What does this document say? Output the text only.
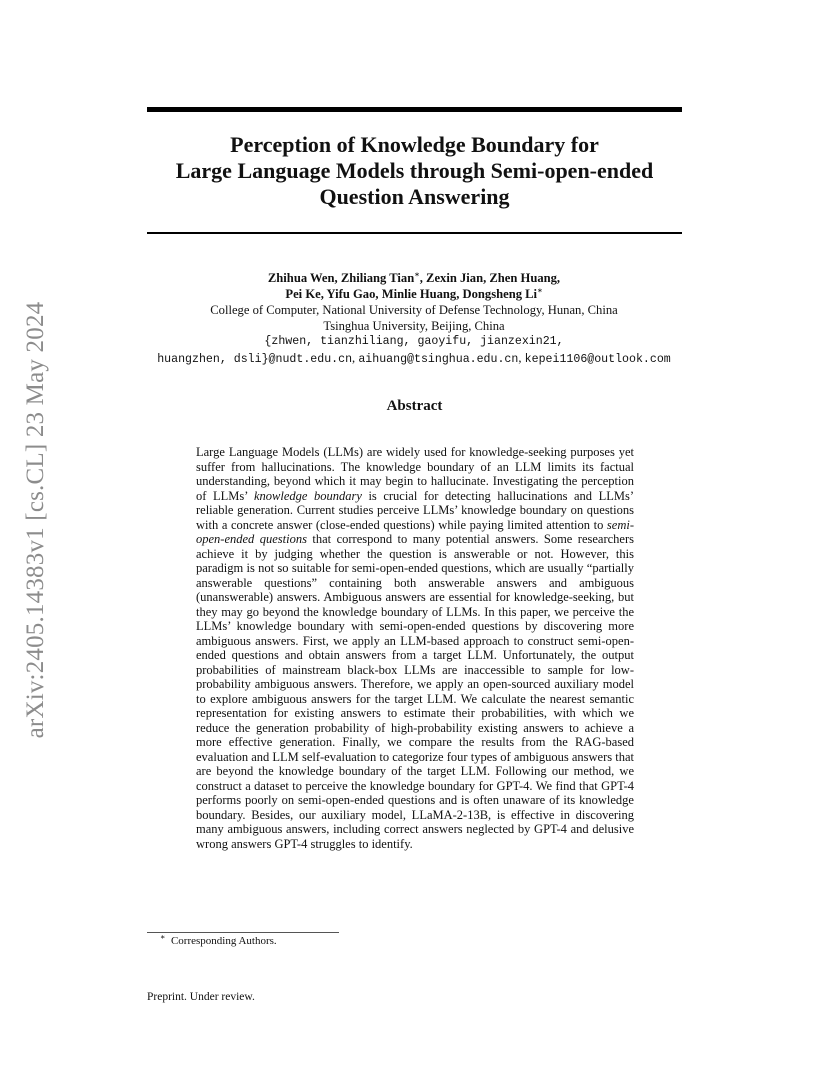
arXiv:2405.14383v1 [cs.CL] 23 May 2024
Perception of Knowledge Boundary for
Large Language Models through Semi-open-ended
Question Answering
Zhihua Wen, Zhiliang Tian∗, Zexin Jian, Zhen Huang,
Pei Ke, Yifu Gao, Minlie Huang, Dongsheng Li∗
College of Computer, National University of Defense Technology, Hunan, China
Tsinghua University, Beijing, China
{zhwen, tianzhiliang, gaoyifu, jianzexin21,
huangzhen, dsli}@nudt.edu.cn, aihuang@tsinghua.edu.cn, kepei1106@outlook.com
Abstract
Large Language Models (LLMs) are widely used for knowledge-seeking purposes yet suffer from hallucinations. The knowledge boundary of an LLM limits its factual understanding, beyond which it may begin to hallucinate. Investigating the perception of LLMs’ knowledge boundary is crucial for detecting hallucinations and LLMs’ reliable generation. Current studies perceive LLMs’ knowledge boundary on questions with a concrete answer (close-ended questions) while paying limited attention to semi-open-ended questions that correspond to many potential answers. Some researchers achieve it by judging whether the question is answerable or not. However, this paradigm is not so suitable for semi-open-ended questions, which are usually “partially answerable questions” containing both answerable answers and ambiguous (unanswerable) answers. Ambiguous answers are essential for knowledge-seeking, but they may go beyond the knowledge boundary of LLMs. In this paper, we perceive the LLMs’ knowledge boundary with semi-open-ended questions by discovering more ambiguous answers. First, we apply an LLM-based approach to construct semi-open-ended questions and obtain answers from a target LLM. Unfortunately, the output probabilities of mainstream black-box LLMs are inaccessible to sample for low-probability ambiguous answers. Therefore, we apply an open-sourced auxiliary model to explore ambiguous answers for the target LLM. We calculate the nearest semantic representation for existing answers to estimate their probabilities, with which we reduce the generation probability of high-probability existing answers to achieve a more effective generation. Finally, we compare the results from the RAG-based evaluation and LLM self-evaluation to categorize four types of ambiguous answers that are beyond the knowledge boundary of the target LLM. Following our method, we construct a dataset to perceive the knowledge boundary for GPT-4. We find that GPT-4 performs poorly on semi-open-ended questions and is often unaware of its knowledge boundary. Besides, our auxiliary model, LLaMA-2-13B, is effective in discovering many ambiguous answers, including correct answers neglected by GPT-4 and delusive wrong answers GPT-4 struggles to identify.
∗ Corresponding Authors.
Preprint. Under review.
